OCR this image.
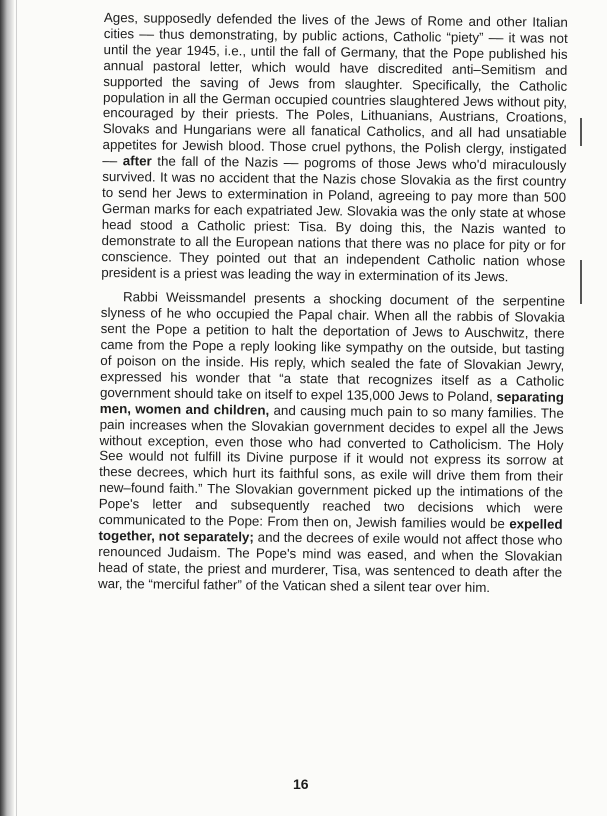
Ages, supposedly defended the lives of the Jews of Rome and other Italian cities –– thus demonstrating, by public actions, Catholic “piety” –– it was not until the year 1945, i.e., until the fall of Germany, that the Pope published his annual pastoral letter, which would have discredited anti–Semitism and supported the saving of Jews from slaughter. Specifically, the Catholic population in all the German occupied countries slaughtered Jews without pity, encouraged by their priests. The Poles, Lithuanians, Austrians, Croations, Slovaks and Hungarians were all fanatical Catholics, and all had unsatiable appetites for Jewish blood. Those cruel pythons, the Polish clergy, instigated –– after the fall of the Nazis –– pogroms of those Jews who'd miraculously survived. It was no accident that the Nazis chose Slovakia as the first country to send her Jews to extermination in Poland, agreeing to pay more than 500 German marks for each expatriated Jew. Slovakia was the only state at whose head stood a Catholic priest: Tisa. By doing this, the Nazis wanted to demonstrate to all the European nations that there was no place for pity or for conscience. They pointed out that an independent Catholic nation whose president is a priest was leading the way in extermination of its Jews.

Rabbi Weissmandel presents a shocking document of the serpentine slyness of he who occupied the Papal chair. When all the rabbis of Slovakia sent the Pope a petition to halt the deportation of Jews to Auschwitz, there came from the Pope a reply looking like sympathy on the outside, but tasting of poison on the inside. His reply, which sealed the fate of Slovakian Jewry, expressed his wonder that “a state that recognizes itself as a Catholic government should take on itself to expel 135,000 Jews to Poland, separating men, women and children, and causing much pain to so many families. The pain increases when the Slovakian government decides to expel all the Jews without exception, even those who had converted to Catholicism. The Holy See would not fulfill its Divine purpose if it would not express its sorrow at these decrees, which hurt its faithful sons, as exile will drive them from their new–found faith.” The Slovakian government picked up the intimations of the Pope's letter and subsequently reached two decisions which were communicated to the Pope: From then on, Jewish families would be expelled together, not separately; and the decrees of exile would not affect those who renounced Judaism. The Pope's mind was eased, and when the Slovakian head of state, the priest and murderer, Tisa, was sentenced to death after the war, the “merciful father” of the Vatican shed a silent tear over him.

16
